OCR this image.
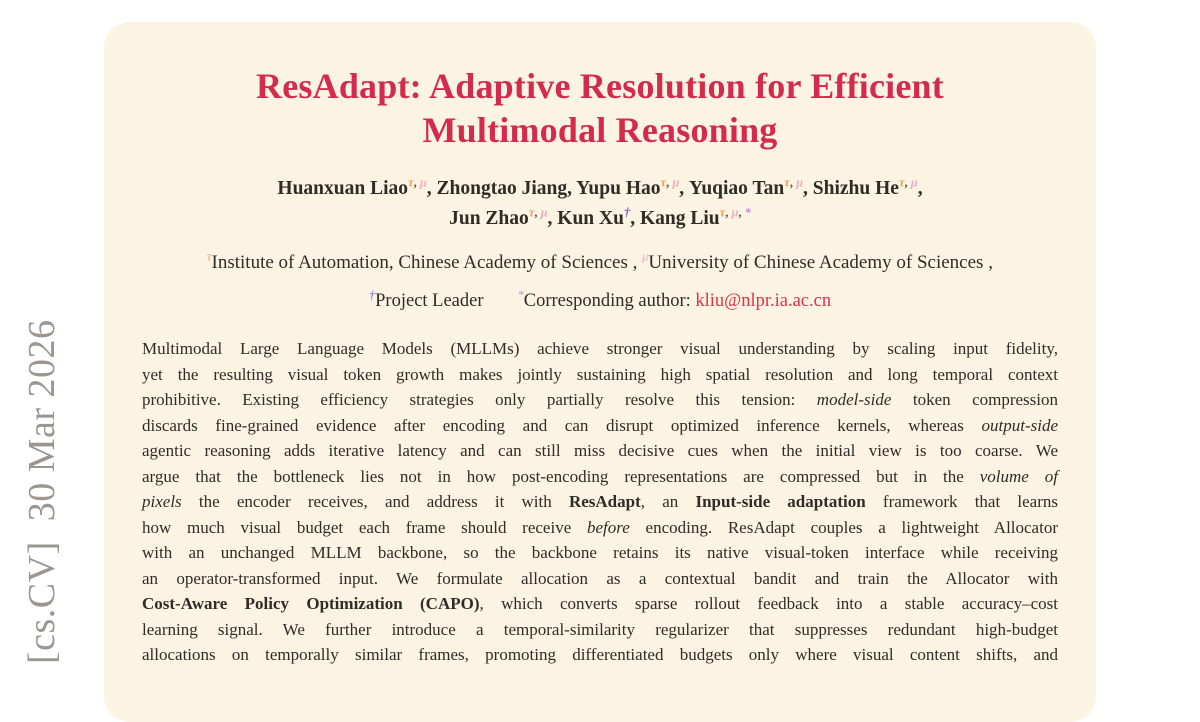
[cs.CV]  30 Mar 2026
ResAdapt: Adaptive Resolution for Efficient
Multimodal Reasoning
Huanxuan Liao$^{\tau, \mu}$, Zhongtao Jiang, Yupu Hao$^{\tau, \mu}$, Yuqiao Tan$^{\tau, \mu}$, Shizhu $He^{\tau, \mu}$,
Jun Zhao$^{\tau, \mu}$, Kun Xu†, Kang Liu$^{\tau, \mu, *}$
$^\tau$Institute of Automation, Chinese Academy of Sciences , $^\mu$University of Chinese Academy of Sciences ,
†Project Leader	*Corresponding author: kliu@nlpr.ia.ac.cn
Multimodal Large Language Models (MLLMs) achieve stronger visual understanding by scaling input fidelity,
yet the resulting visual token growth makes jointly sustaining high spatial resolution and long temporal context
prohibitive. Existing efficiency strategies only partially resolve this tension: model-side token compression
discards fine-grained evidence after encoding and can disrupt optimized inference kernels, whereas output-side
agentic reasoning adds iterative latency and can still miss decisive cues when the initial view is too coarse. We
argue that the bottleneck lies not in how post-encoding representations are compressed but in the volume of
pixels the encoder receives, and address it with ResAdapt, an Input-side adaptation framework that learns
how much visual budget each frame should receive before encoding. ResAdapt couples a lightweight Allocator
with an unchanged MLLM backbone, so the backbone retains its native visual-token interface while receiving
an operator-transformed input. We formulate allocation as a contextual bandit and train the Allocator with
Cost-Aware Policy Optimization (CAPO), which converts sparse rollout feedback into a stable accuracy–cost
learning signal. We further introduce a temporal-similarity regularizer that suppresses redundant high-budget
allocations on temporally similar frames, promoting differentiated budgets only where visual content shifts, and
